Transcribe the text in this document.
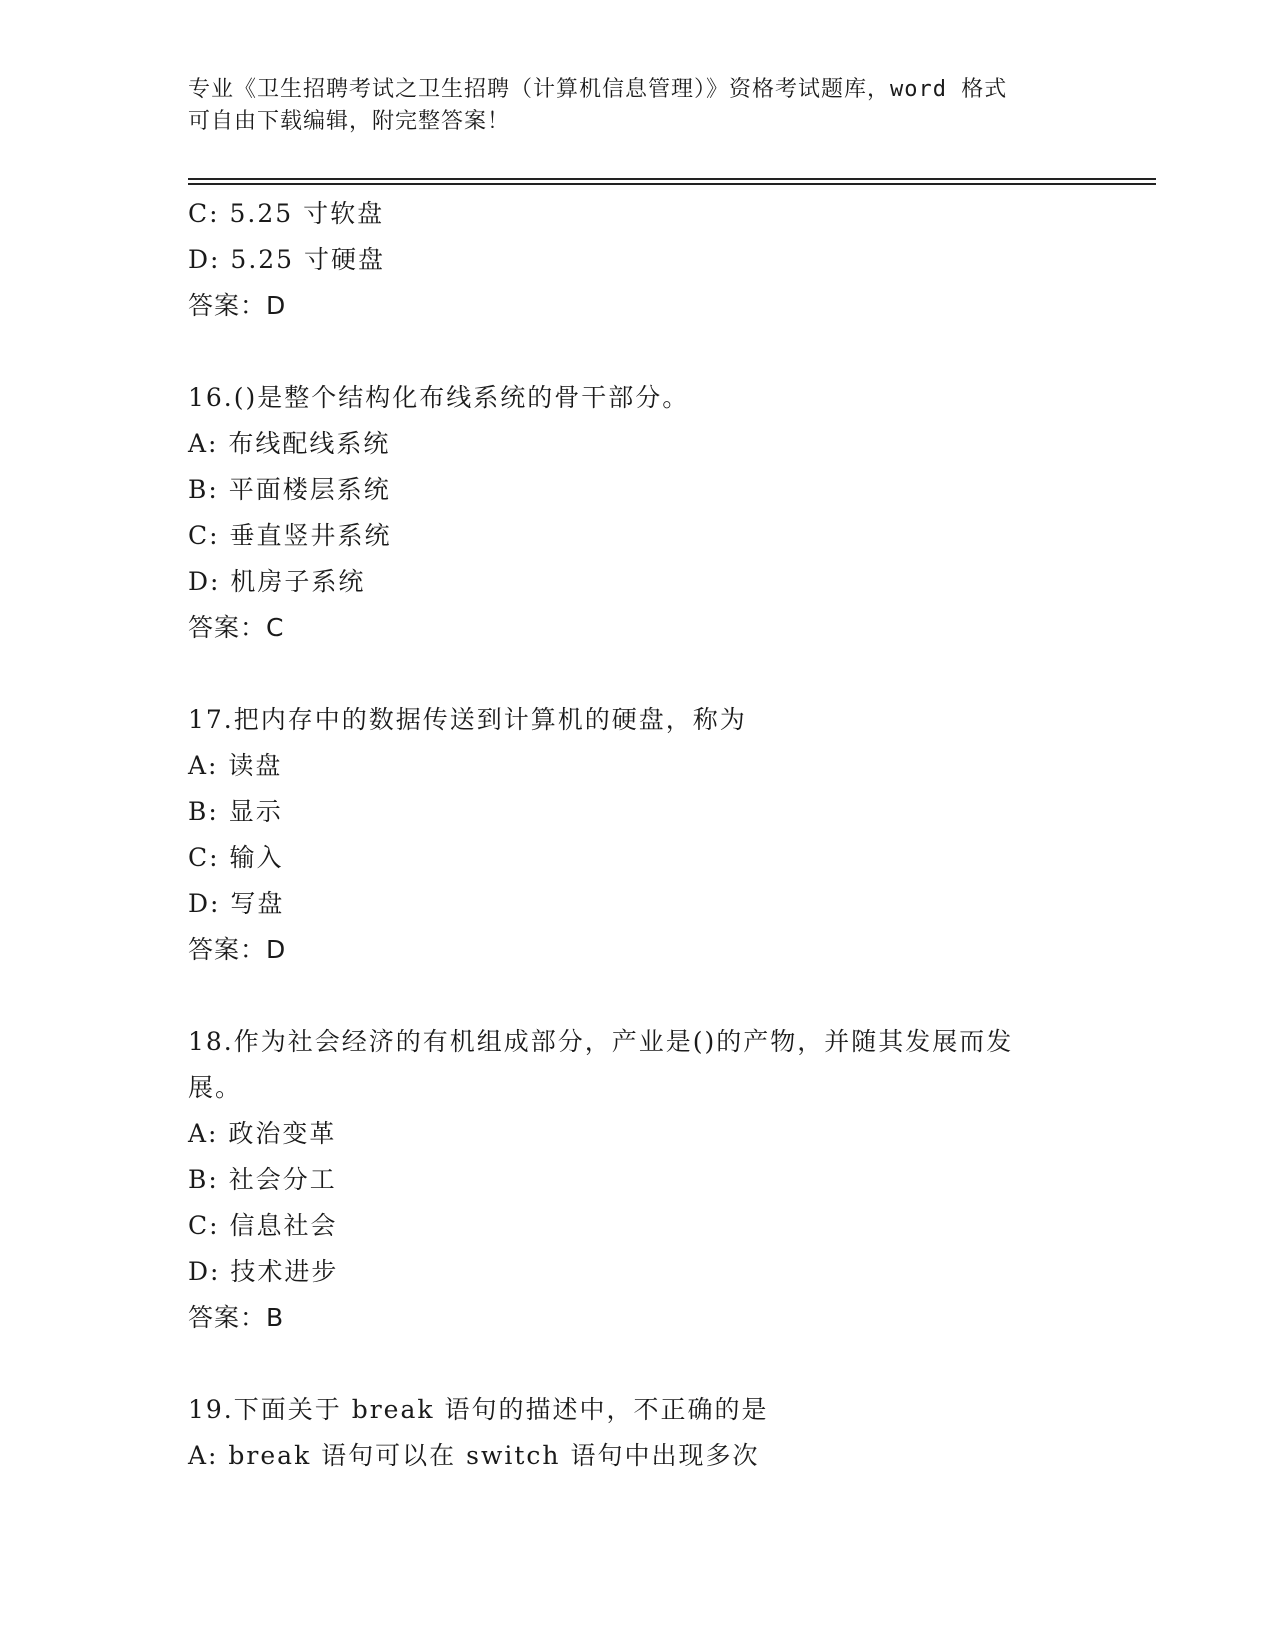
专业《卫生招聘考试之卫生招聘（计算机信息管理）》资格考试题库，word 格式
可自由下载编辑，附完整答案！
C: 5.25 寸软盘
D: 5.25 寸硬盘
答案：D
16.()是整个结构化布线系统的骨干部分。
A: 布线配线系统
B: 平面楼层系统
C: 垂直竖井系统
D: 机房子系统
答案：C
17.把内存中的数据传送到计算机的硬盘，称为
A: 读盘
B: 显示
C: 输入
D: 写盘
答案：D
18.作为社会经济的有机组成部分，产业是()的产物，并随其发展而发
展。
A: 政治变革
B: 社会分工
C: 信息社会
D: 技术进步
答案：B
19.下面关于 break 语句的描述中，不正确的是
A: break 语句可以在 switch 语句中出现多次
